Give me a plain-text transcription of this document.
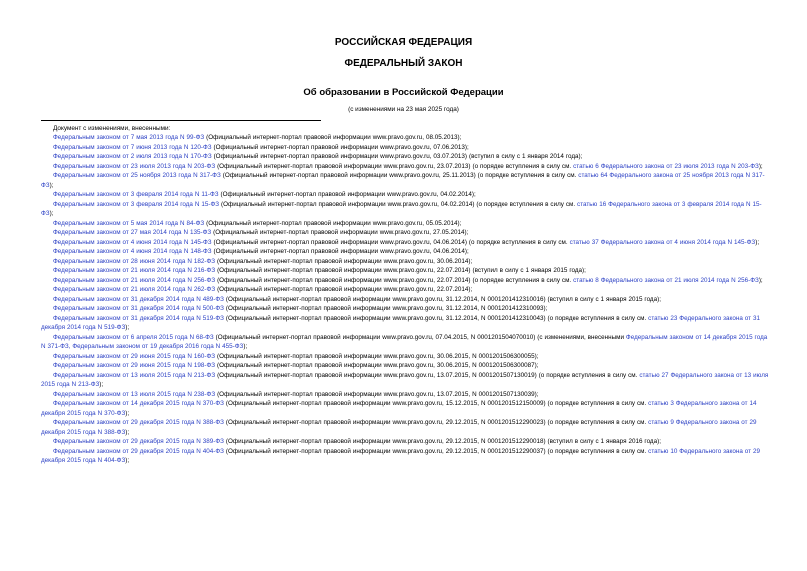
РОССИЙСКАЯ ФЕДЕРАЦИЯ
ФЕДЕРАЛЬНЫЙ ЗАКОН
Об образовании в Российской Федерации
(с изменениями на 23 мая 2025 года)
Документ с изменениями, внесенными:

Федеральным законом от 7 мая 2013 года N 99-ФЗ (Официальный интернет-портал правовой информации www.pravo.gov.ru, 08.05.2013);

Федеральным законом от 7 июня 2013 года N 120-ФЗ (Официальный интернет-портал правовой информации www.pravo.gov.ru, 07.06.2013);

Федеральным законом от 2 июля 2013 года N 170-ФЗ (Официальный интернет-портал правовой информации www.pravo.gov.ru, 03.07.2013) (вступил в силу с 1 января 2014 года);

Федеральным законом от 23 июля 2013 года N 203-ФЗ (Официальный интернет-портал правовой информации www.pravo.gov.ru, 23.07.2013) (о порядке вступления в силу см. статью 6 Федерального закона от 23 июля 2013 года N 203-ФЗ);

Федеральным законом от 25 ноября 2013 года N 317-ФЗ (Официальный интернет-портал правовой информации www.pravo.gov.ru, 25.11.2013) (о порядке вступления в силу см. статью 64 Федерального закона от 25 ноября 2013 года N 317-ФЗ);

Федеральным законом от 3 февраля 2014 года N 11-ФЗ (Официальный интернет-портал правовой информации www.pravo.gov.ru, 04.02.2014);

Федеральным законом от 3 февраля 2014 года N 15-ФЗ (Официальный интернет-портал правовой информации www.pravo.gov.ru, 04.02.2014) (о порядке вступления в силу см. статью 16 Федерального закона от 3 февраля 2014 года N 15-ФЗ);

Федеральным законом от 5 мая 2014 года N 84-ФЗ (Официальный интернет-портал правовой информации www.pravo.gov.ru, 05.05.2014);

Федеральным законом от 27 мая 2014 года N 135-ФЗ (Официальный интернет-портал правовой информации www.pravo.gov.ru, 27.05.2014);

Федеральным законом от 4 июня 2014 года N 145-ФЗ (Официальный интернет-портал правовой информации www.pravo.gov.ru, 04.06.2014) (о порядке вступления в силу см. статью 37 Федерального закона от 4 июня 2014 года N 145-ФЗ);

Федеральным законом от 4 июня 2014 года N 148-ФЗ (Официальный интернет-портал правовой информации www.pravo.gov.ru, 04.06.2014);

Федеральным законом от 28 июня 2014 года N 182-ФЗ (Официальный интернет-портал правовой информации www.pravo.gov.ru, 30.06.2014);

Федеральным законом от 21 июля 2014 года N 216-ФЗ (Официальный интернет-портал правовой информации www.pravo.gov.ru, 22.07.2014) (вступил в силу с 1 января 2015 года);

Федеральным законом от 21 июля 2014 года N 256-ФЗ (Официальный интернет-портал правовой информации www.pravo.gov.ru, 22.07.2014) (о порядке вступления в силу см. статью 8 Федерального закона от 21 июля 2014 года N 256-ФЗ);

Федеральным законом от 21 июля 2014 года N 262-ФЗ (Официальный интернет-портал правовой информации www.pravo.gov.ru, 22.07.2014);

Федеральным законом от 31 декабря 2014 года N 489-ФЗ (Официальный интернет-портал правовой информации www.pravo.gov.ru, 31.12.2014, N 0001201412310016) (вступил в силу с 1 января 2015 года);

Федеральным законом от 31 декабря 2014 года N 500-ФЗ (Официальный интернет-портал правовой информации www.pravo.gov.ru, 31.12.2014, N 0001201412310093);

Федеральным законом от 31 декабря 2014 года N 519-ФЗ (Официальный интернет-портал правовой информации www.pravo.gov.ru, 31.12.2014, N 0001201412310043) (о порядке вступления в силу см. статью 23 Федерального закона от 31 декабря 2014 года N 519-ФЗ);

Федеральным законом от 6 апреля 2015 года N 68-ФЗ (Официальный интернет-портал правовой информации www.pravo.gov.ru, 07.04.2015, N 0001201504070010) (с изменениями, внесенными Федеральным законом от 14 декабря 2015 года N 371-ФЗ, Федеральным законом от 19 декабря 2016 года N 455-ФЗ);

Федеральным законом от 29 июня 2015 года N 160-ФЗ (Официальный интернет-портал правовой информации www.pravo.gov.ru, 30.06.2015, N 0001201506300055);

Федеральным законом от 29 июня 2015 года N 198-ФЗ (Официальный интернет-портал правовой информации www.pravo.gov.ru, 30.06.2015, N 0001201506300087);

Федеральным законом от 13 июля 2015 года N 213-ФЗ (Официальный интернет-портал правовой информации www.pravo.gov.ru, 13.07.2015, N 0001201507130019) (о порядке вступления в силу см. статью 27 Федерального закона от 13 июля 2015 года N 213-ФЗ);

Федеральным законом от 13 июля 2015 года N 238-ФЗ (Официальный интернет-портал правовой информации www.pravo.gov.ru, 13.07.2015, N 0001201507130039);

Федеральным законом от 14 декабря 2015 года N 370-ФЗ (Официальный интернет-портал правовой информации www.pravo.gov.ru, 15.12.2015, N 0001201512150009) (о порядке вступления в силу см. статью 3 Федерального закона от 14 декабря 2015 года N 370-ФЗ);

Федеральным законом от 29 декабря 2015 года N 388-ФЗ (Официальный интернет-портал правовой информации www.pravo.gov.ru, 29.12.2015, N 0001201512290023) (о порядке вступления в силу см. статью 9 Федерального закона от 29 декабря 2015 года N 388-ФЗ);

Федеральным законом от 29 декабря 2015 года N 389-ФЗ (Официальный интернет-портал правовой информации www.pravo.gov.ru, 29.12.2015, N 0001201512290018) (вступил в силу с 1 января 2016 года);

Федеральным законом от 29 декабря 2015 года N 404-ФЗ (Официальный интернет-портал правовой информации www.pravo.gov.ru, 29.12.2015, N 0001201512290037) (о порядке вступления в силу см. статью 10 Федерального закона от 29 декабря 2015 года N 404-ФЗ);
